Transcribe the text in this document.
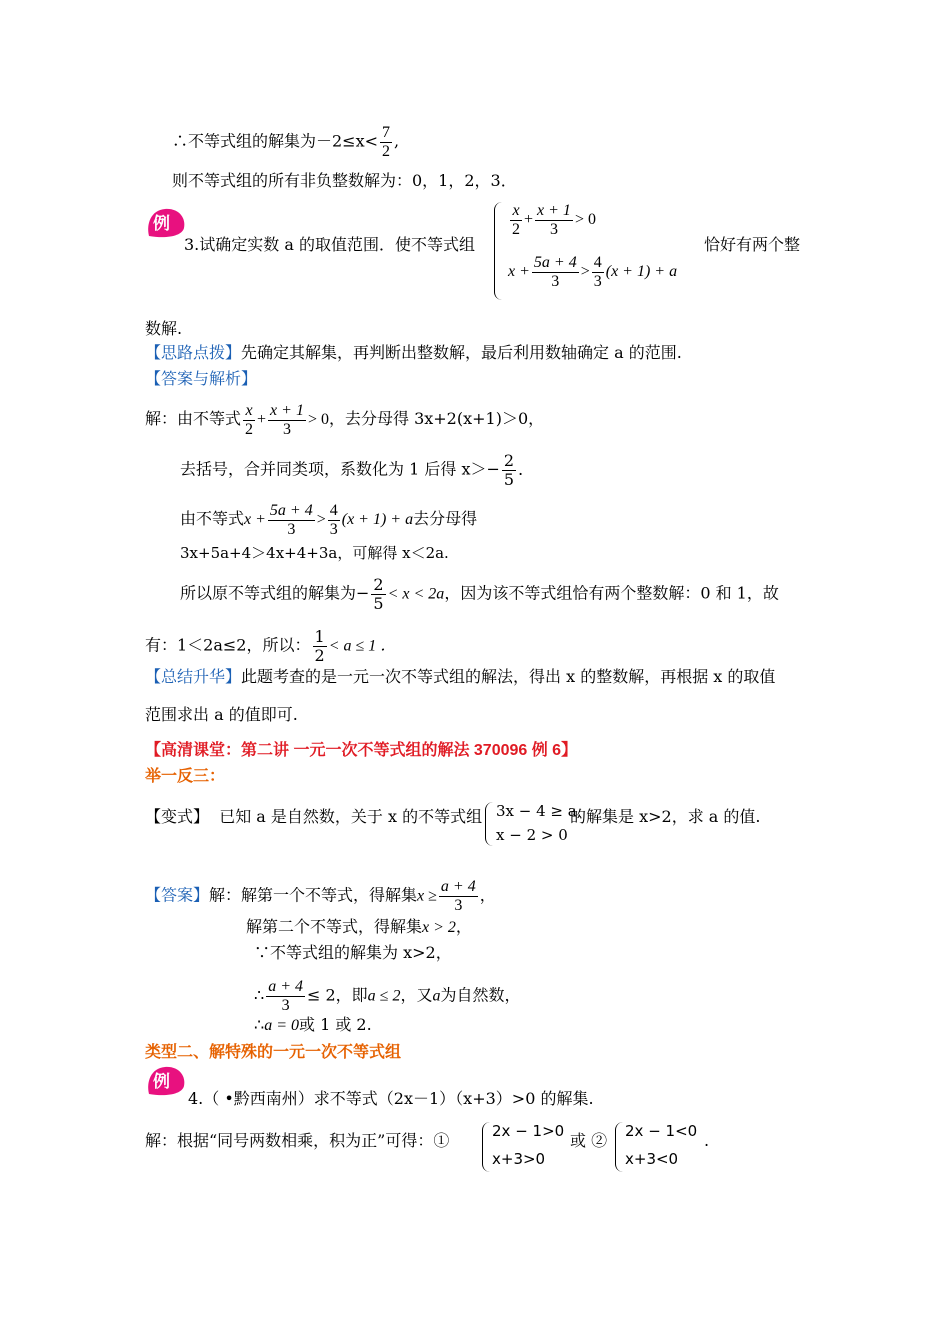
∴不等式组的解集为$-2\le x< \frac{7}{2}$ ,
则不等式组的所有非负整数解为：0，1，2，3．
例
3.试确定实数 a 的取值范围．使不等式组
$\frac{x}{2} + \frac{x + 1}{3} > 0$
$x + \frac{5a + 4}{3} > \frac{4}{3} (x + 1) + a$
恰好有两个整
数解.
【思路点拨】先确定其解集，再判断出整数解，最后利用数轴确定 a 的范围.
【答案与解析】
解：由不等式 $\frac{x}{2} + \frac{x + 1}{3} > 0$，去分母得 3x+2(x+1)＞0，
去括号，合并同类项，系数化为 1 后得 $x>- \frac{2}{5}$ ．
由不等式$x + \frac{5a + 4}{3} > \frac{4}{3} (x + 1) + a$去分母得
3x+5a+4＞4x+4+3a，可解得 x＜2a.
所以原不等式组的解集为− $\frac{2}{5} < x < 2a$，因为该不等式组恰有两个整数解：0 和 1，故
有：1＜2a≤2，所以： $\frac{1}{2} < a \le 1$ ．
【总结升华】此题考查的是一元一次不等式组的解法，得出 x 的整数解，再根据 x 的取值
范围求出 a 的值即可.
【高清课堂：第二讲 一元一次不等式组的解法 370096 例 6】
举一反三：
【变式】 已知 a 是自然数，关于 x 的不等式组 3x − 4 ≥ a,
x − 2 > 0
的解集是 x>2，求 a 的值.
【答案】解：解第一个不等式，得解集$x \ge \frac{a + 4}{3}$ ，
解第二个不等式，得解集x > 2，
∵不等式组的解集为 x>2，
∴ $\frac{a + 4}{3} \le 2$，即a ≤ 2，又a为自然数，
∴a = 0或 1 或 2.
类型二、解特殊的一元一次不等式组
例
4.（ •黔西南州）求不等式（2x－1）（x+3）>0 的解集.
解：根据“同号两数相乘，积为正”可得：①	2x − 1>0
x+3>0
或 ② 2x − 1<0
x+3<0
.
